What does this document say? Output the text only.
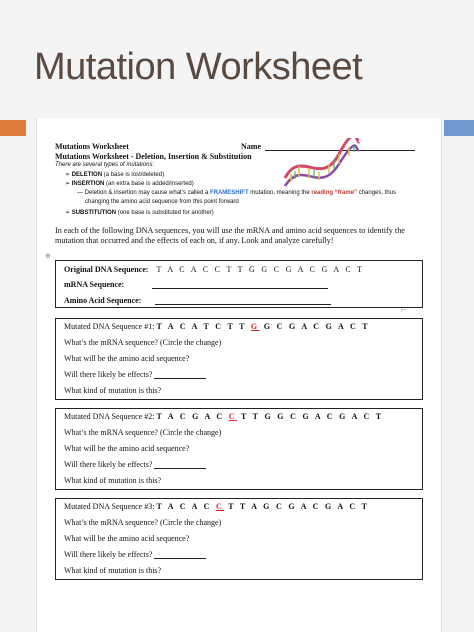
Mutation Worksheet
Mutations Worksheet	Name
Mutations Worksheet - Deletion, Insertion & Substitution
There are several types of mutations:
➢ DELETION (a base is lost/deleted)
➢ INSERTION (an extra base is added/inserted)
— Deletion & insertion may cause what’s called a FRAMESHIFT mutation, meaning the reading “frame” changes, thus
changing the amino acid sequence from this point forward
➢ SUBSTITUTION (one base is substituted for another)
In each of the following DNA sequences, you will use the mRNA and amino acid sequences to identify the mutation that occurred and the effects of each on, if any. Look and analyze carefully!
⊕
⊢
Original DNA Sequence: T A C A C C T T G G C G A C G A C T
mRNA Sequence:
Amino Acid Sequence:
Mutated DNA Sequence #1: T A C A T C T T G G C G A C G A C T
What’s the mRNA sequence? (Circle the change)
What will be the amino acid sequence?
Will there likely be effects?
What kind of mutation is this?
Mutated DNA Sequence #2: T A C G A C C T T G G C G A C G A C T
What’s the mRNA sequence? (Circle the change)
What will be the amino acid sequence?
Will there likely be effects?
What kind of mutation is this?
Mutated DNA Sequence #3: T A C A C C T T A G C G A C G A C T
What’s the mRNA sequence? (Circle the change)
What will be the amino acid sequence?
Will there likely be effects?
What kind of mutation is this?
